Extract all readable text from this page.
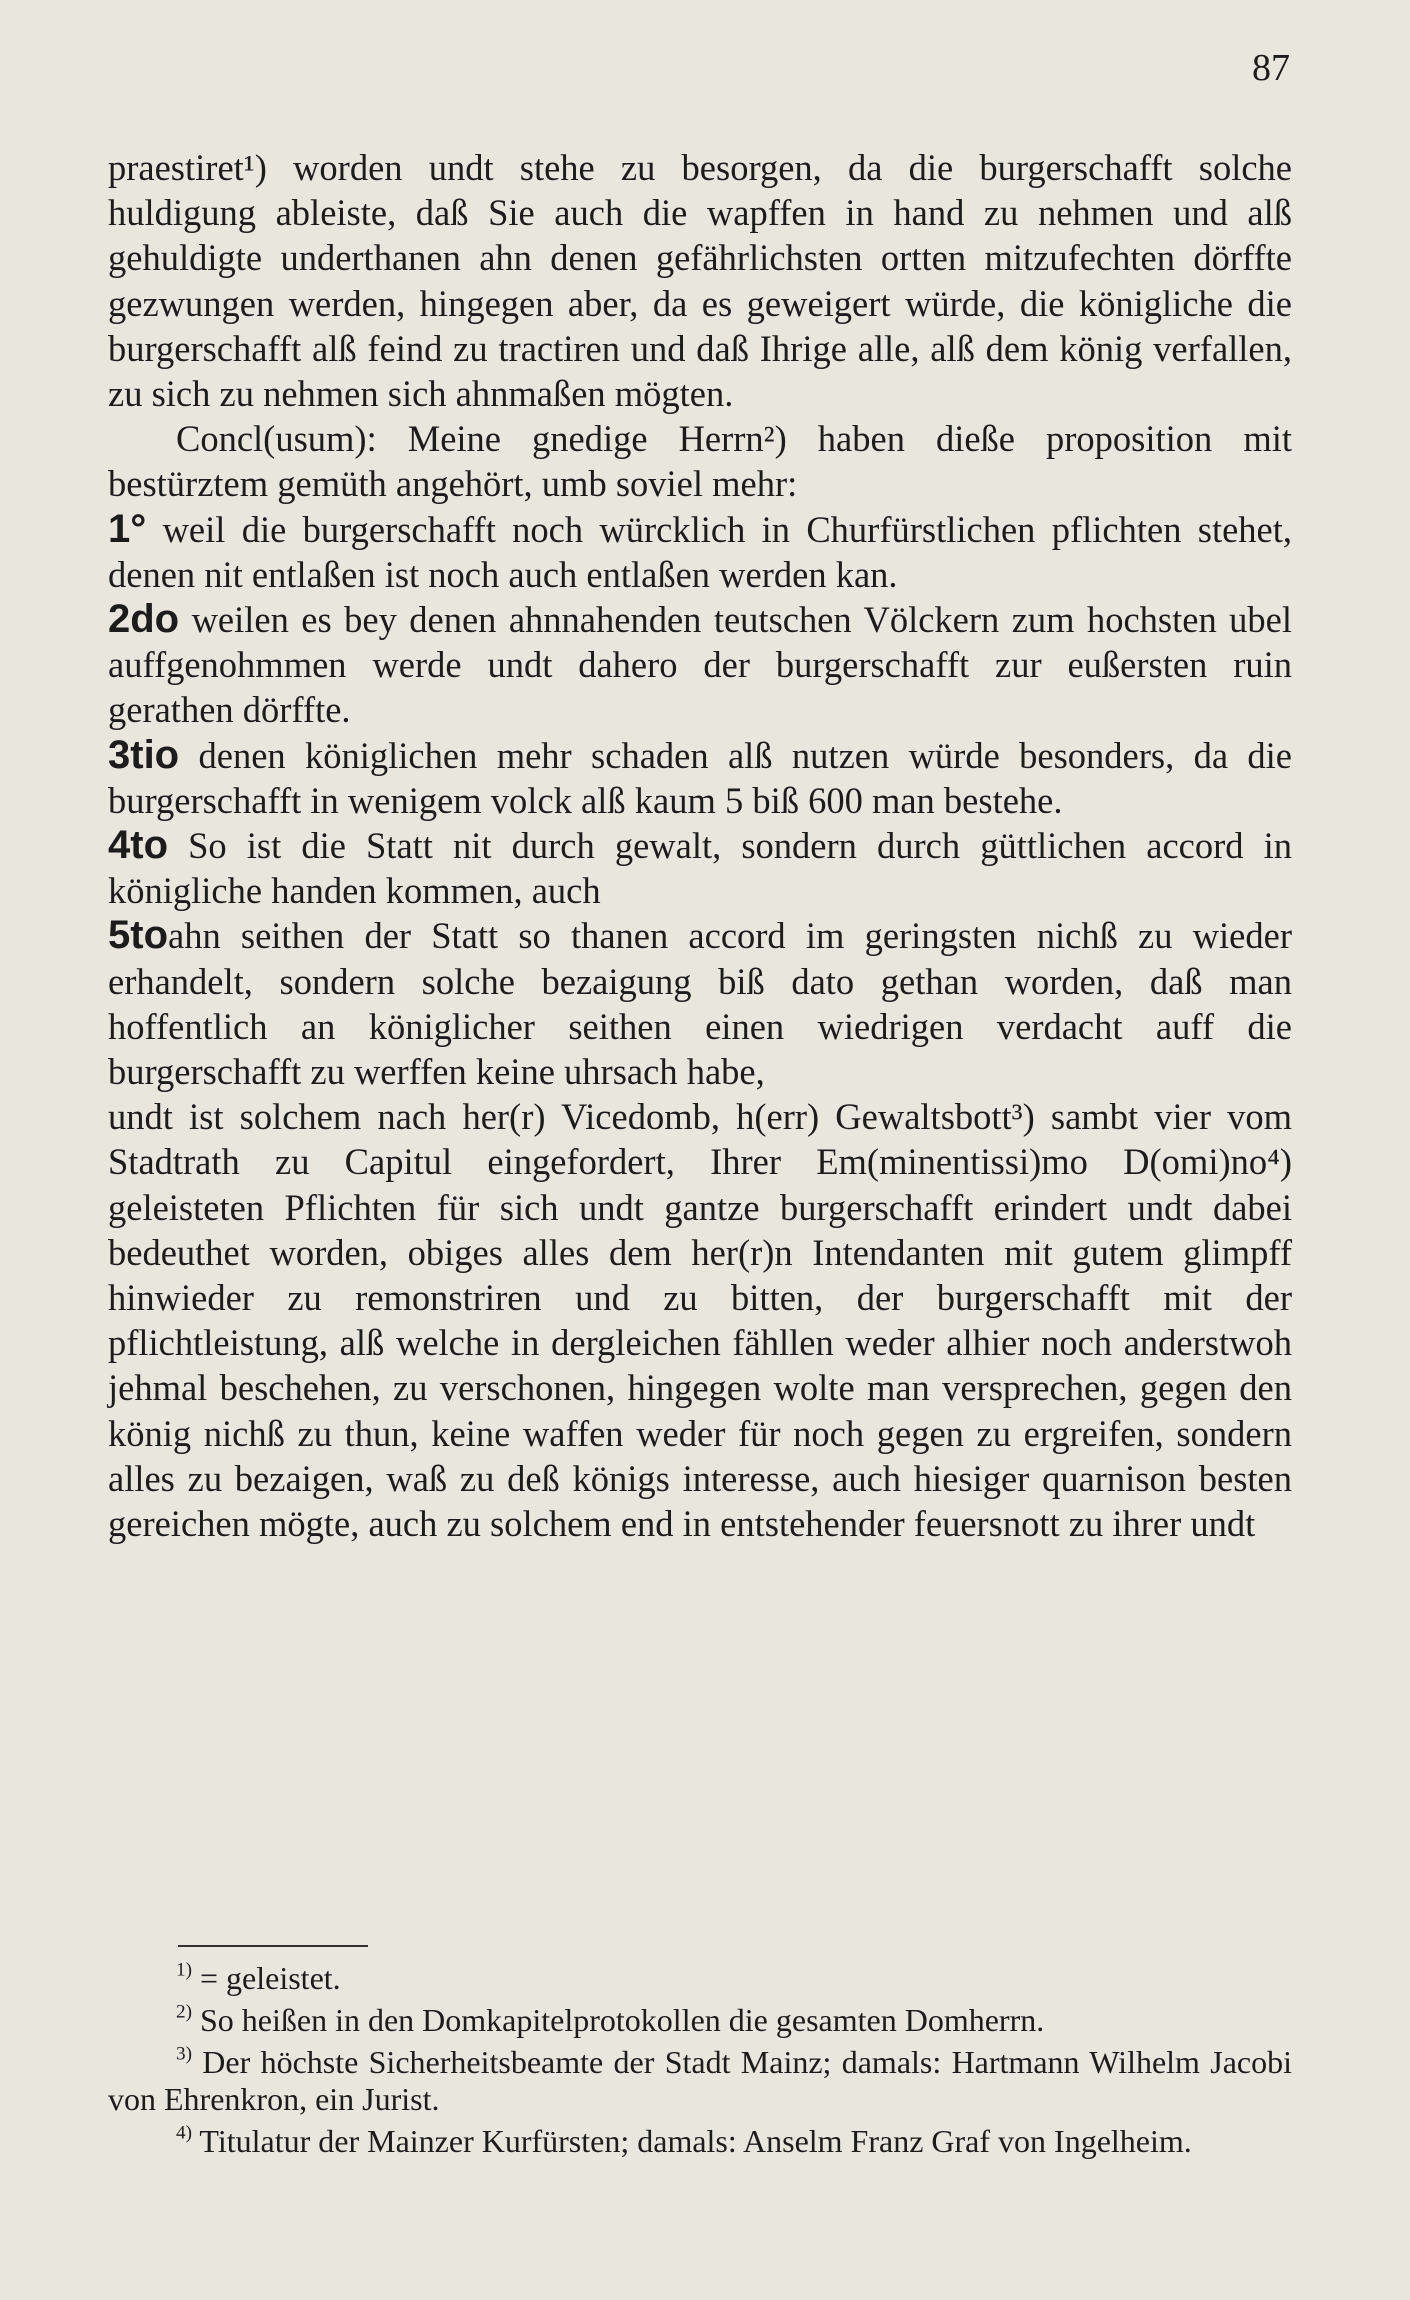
87

praestiret¹) worden undt stehe zu besorgen, da die burgerschafft solche huldigung ableiste, daß Sie auch die wapffen in hand zu nehmen und alß gehuldigte underthanen ahn denen gefährlichsten ortten mitzufechten dörffte gezwungen werden, hingegen aber, da es geweigert würde, die königliche die burgerschafft alß feind zu tractiren und daß Ihrige alle, alß dem könig verfallen, zu sich zu nehmen sich ahnmaßen mögten.

Concl(usum): Meine gnedige Herrn²) haben dieße proposition mit bestürztem gemüth angehört, umb soviel mehr:

1° weil die burgerschafft noch würcklich in Churfürstlichen pflichten stehet, denen nit entlaßen ist noch auch entlaßen werden kan.

2do weilen es bey denen ahnnahenden teutschen Völckern zum hochsten ubel auffgenohmmen werde undt dahero der burgerschafft zur eußersten ruin gerathen dörffte.

3tio denen königlichen mehr schaden alß nutzen würde besonders, da die burgerschafft in wenigem volck alß kaum 5 biß 600 man bestehe.

4to So ist die Statt nit durch gewalt, sondern durch güttlichen accord in königliche handen kommen, auch

5toahn seithen der Statt so thanen accord im geringsten nichß zu wieder erhandelt, sondern solche bezaigung biß dato gethan worden, daß man hoffentlich an königlicher seithen einen wiedrigen verdacht auff die burgerschafft zu werffen keine uhrsach habe,

undt ist solchem nach her(r) Vicedomb, h(err) Gewaltsbott³) sambt vier vom Stadtrath zu Capitul eingefordert, Ihrer Em(minentissi)mo D(omi)no⁴) geleisteten Pflichten für sich undt gantze burgerschafft erindert undt dabei bedeuthet worden, obiges alles dem her(r)n Intendanten mit gutem glimpff hinwieder zu remonstriren und zu bitten, der burgerschafft mit der pflichtleistung, alß welche in dergleichen fähllen weder alhier noch anderstwoh jehmal beschehen, zu verschonen, hingegen wolte man versprechen, gegen den könig nichß zu thun, keine waffen weder für noch gegen zu ergreifen, sondern alles zu bezaigen, waß zu deß königs interesse, auch hiesiger quarnison besten gereichen mögte, auch zu solchem end in entstehender feuersnott zu ihrer undt

$^{1)}$ = geleistet.

$^{2)}$ So heißen in den Domkapitelprotokollen die gesamten Domherrn.

$^{3)}$ Der höchste Sicherheitsbeamte der Stadt Mainz; damals: Hartmann Wilhelm Jacobi von Ehrenkron, ein Jurist.

$^{4)}$ Titulatur der Mainzer Kurfürsten; damals: Anselm Franz Graf von Ingelheim.
